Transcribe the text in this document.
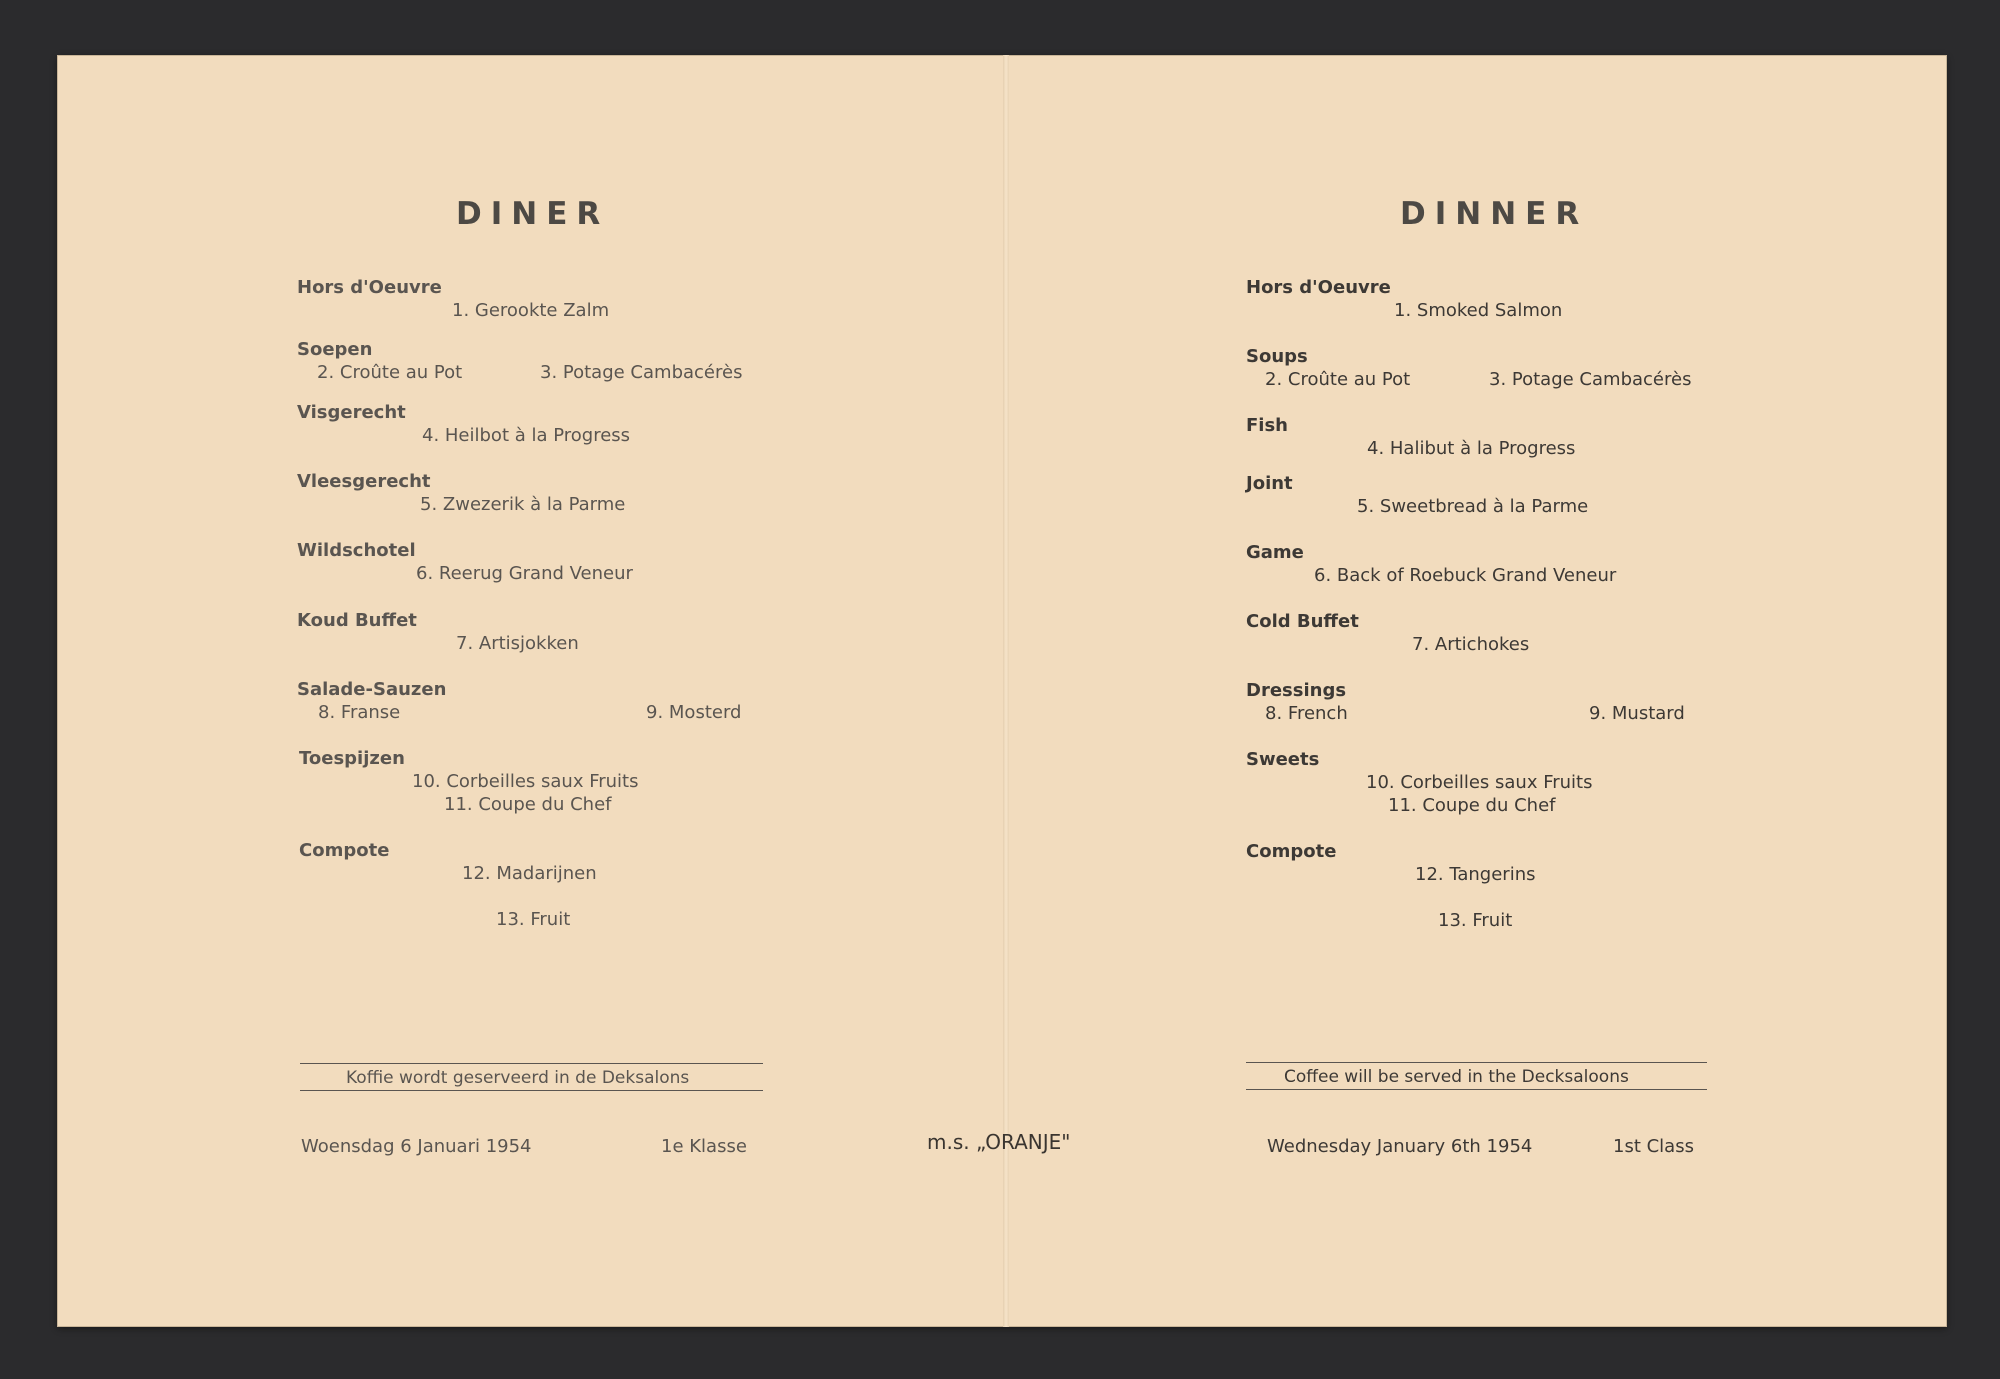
DINER
Hors d'Oeuvre
1. Gerookte Zalm
Soepen
2. Croûte au Pot	3. Potage Cambacérès
Visgerecht
4. Heilbot à la Progress
Vleesgerecht
5. Zwezerik à la Parme
Wildschotel
6. Reerug Grand Veneur
Koud Buffet
7. Artisjokken
Salade-Sauzen
8. Franse	9. Mosterd
Toespijzen
10. Corbeilles saux Fruits
11. Coupe du Chef
Compote
12. Madarijnen
13. Fruit
Koffie wordt geserveerd in de Deksalons
Woensdag 6 Januari 1954	1e Klasse	m.s. „ORANJE"
DINNER
Hors d'Oeuvre
1. Smoked Salmon
Soups
2. Croûte au Pot	3. Potage Cambacérès
Fish
4. Halibut à la Progress
Joint
5. Sweetbread à la Parme
Game
6. Back of Roebuck Grand Veneur
Cold Buffet
7. Artichokes
Dressings
8. French	9. Mustard
Sweets
10. Corbeilles saux Fruits
11. Coupe du Chef
Compote
12. Tangerins
13. Fruit
Coffee will be served in the Decksaloons
Wednesday January 6th 1954	1st Class
